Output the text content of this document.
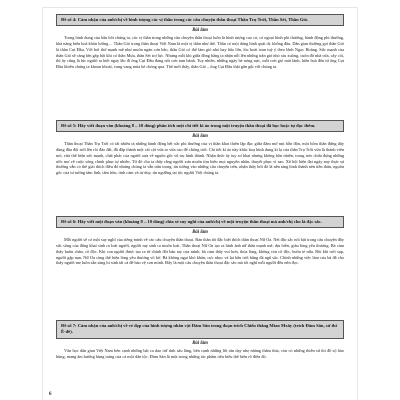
Đề số 4: Cảm nhận của anh/chị về hình tượng các vị thần trong các câu chuyện thần thoại Thần Trụ Trời, Thần Sét, Thần Gió.
Bài làm

Trong hình dung của bầu hồi chúng ta, các vị thần trong những câu chuyện thần thoại luôn là hình tượng cao cả, có ngoại hình phi thường, hành động phi thường, khả năng biến hoá khôn lường… Thần Gió trong thần thoại Việt Nam là một vị thần như thế. Thần có một dáng hình quái dị: không đầu. Dân gian thường gọi thần Gió là thần Cụt Đầu. Với hơi thở mạnh mẽ như muôn ngàn cơn bão, thần Gió có thể làm gió nhỏ hay bão lớn, lúc hoài toan tuỳ ý theo lệnh Ngọc Hoàng. Sức mạnh của thần Gió sẽ càng lớn gấp bội khi có thần Mưa, thần Sét trợ lực. Nhưng mỗi khi giữa đồng bằng ta nhận nỗi lên những trận gió nhỏ xíu xuồng, cuốn đổ nhà cửa, cây cối, thì ấy cũng là lúc người ta biết ngay lão đi ông Cụt Đầu đang nổi cơn tam bành. Tuy nhiên, những ngày hè nóng nực, mỗi cơn gió mát lành, hiền hoà đến từ ông Cụt Đầu khiến chúng ta khoan khoái, vang vang mùa hè chóng qua. Thế mới thấy, thần Gió – ông Cụt Đầu thật gần gũi với chúng ta.

Đề số 5: Hãy viết đoạn văn (khoảng 8 – 10 dòng) phân tích một chi tiết kì ảo trong một truyện thần thoại đã học hoặc tự đọc thêm.
Bài làm

Thần thoại Thần Trụ Trời có tất nhiều tả những hành động hết sức phi thường của vị thần khai thiên lập địa: giữa đám mờ mịt hỗn độn, một hôm thần đứng dậy dùng đầu đội trời lên rồi đào đất, đã đắp thành một cái cột vừa to vừa cao để chống trời. Chi tiết kì ảo này khắc hoạ hình dung kì lạ của thần Trụ Trời vừa là thành viên mô, vừa thể hiện sức mạnh, chất phác của người xưa về nguồn gốc vũ trụ hình thành. Nhận thức ấy tuy sơ khai nhưng không hồn nhiên, trong trẻo chứa đựng những ước mơ về cuộc sống chinh phục tự nhiên. Từ đó cho ta thấy rằng người xưa muốn tìm hiểu mọi nguyên nhân, thuyết phục vì sao. Xã hội hiện đại ngày nay thực sự thường vẫn có thể giải thích điều đó nhưng chúng ta vẫn trân trọng, tin tưởng vào những câu chuyện trên, nhận thấy bởi đó là nền tảng hình thành nên tiền thân, nguồn gốc của tư tưởng tâm linh, tâm hồn, tình cảm và tư duy, tín ngưỡng tại tộc người Việt chúng ta.

Đề số 6: Hãy viết một đoạn văn (khoảng 8 – 10 dòng) chia sẻ suy nghĩ của anh/chị về một truyện thần thoại mà anh/chị cho là đặc sắc.
Bài làm

Mỗi người sẽ có một suy nghĩ của riêng mình về các câu chuyện thần thoại. Bản thân tôi đặc biệt thích thần thoại Nữ Oa. Nét đặc sắc nổi bật trong câu chuyện đầy sức sống của đấng khai sinh ra loài người, người mẹ sinh ra muôn loài. Thần thoại Nữ Oa tạo ra hình ảnh nữ thần mạnh mẽ, dịu hiền, giàu lòng yêu thương. Bà cảm thấy buồn chán, cô độc. Khi con người được tạo ra từ chính đôi bàn tay của mình, bà cảm thấy vui hơn, thỏa lòng, không còn cô độc, buồn tẻ nữa. Rồi khi trời sụp, người gặp nạn, Nữ Oa càng thể hiện lòng yêu thương vô bờ. Bà không ngại khó khăn, cực nhọc vá lại bầu trời bằng đá ngũ sắc. Chính những việc làm của bà đã cho thấy người mẹ luôn sẵn sàng hi sinh tất cả để bảo vệ con mình. Đây là một câu chuyện thần thoại đặc sắc mà tôi nghĩ mỗi người đều nên đọc.

Đề số 7: Cảm nhận của anh/chị về vẻ đẹp của hình tượng nhân vật Đăm Săn trong đoạn trích Chiến thắng Mtao Mxây (trích Đăm Săn, sử thi Ê-đê).
Bài làm

Văn học dân gian Việt Nam bên cạnh những bài ca dao trữ tình sâu lắng, bên cạnh những lời răn dạy nhẹ nhàng thấm thía, còn có những thiên sử thi đồ sộ hào hùng, mang âm hưởng hùng tráng của cả một dân tộc. Đăm Săn là một trong những tác phẩm tiêu biểu thể hiện rõ điều đó.

6
